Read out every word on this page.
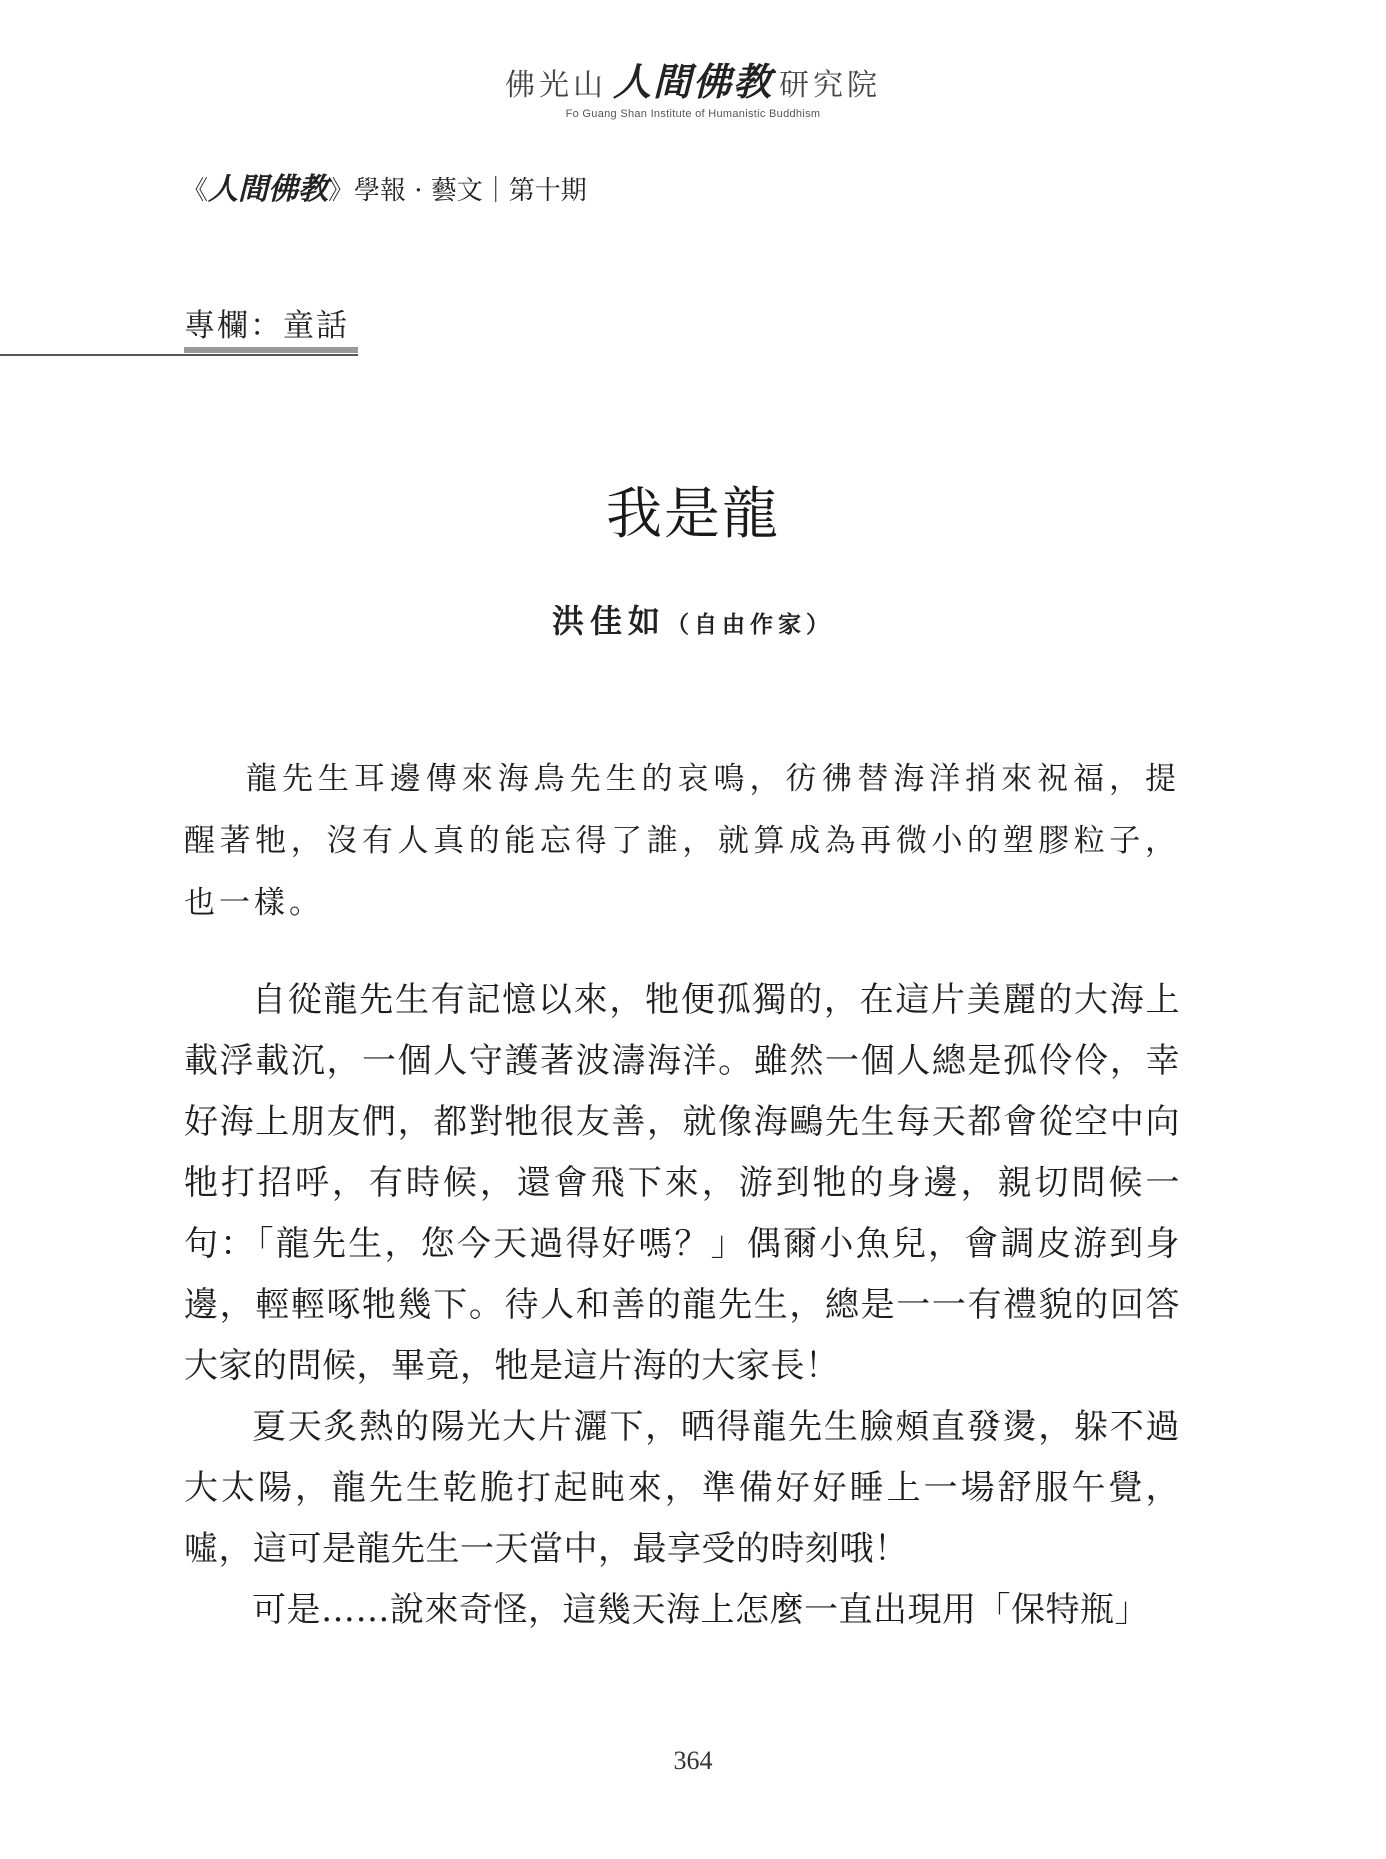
佛光山 人間佛教 研究院
Fo Guang Shan Institute of Humanistic Buddhism
《人間佛教》學報 · 藝文｜第十期
專欄：童話
我是龍
洪佳如（自由作家）

龍先生耳邊傳來海鳥先生的哀鳴，彷彿替海洋捎來祝福，提醒著牠，沒有人真的能忘得了誰，就算成為再微小的塑膠粒子，也一樣。

自從龍先生有記憶以來，牠便孤獨的，在這片美麗的大海上載浮載沉，一個人守護著波濤海洋。雖然一個人總是孤伶伶，幸好海上朋友們，都對牠很友善，就像海鷗先生每天都會從空中向牠打招呼，有時候，還會飛下來，游到牠的身邊，親切問候一句：「龍先生，您今天過得好嗎？」偶爾小魚兒，會調皮游到身邊，輕輕啄牠幾下。待人和善的龍先生，總是一一有禮貌的回答大家的問候，畢竟，牠是這片海的大家長！

夏天炙熱的陽光大片灑下，晒得龍先生臉頰直發燙，躲不過大太陽，龍先生乾脆打起盹來，準備好好睡上一場舒服午覺，噓，這可是龍先生一天當中，最享受的時刻哦！

可是……說來奇怪，這幾天海上怎麼一直出現用「保特瓶」

364
